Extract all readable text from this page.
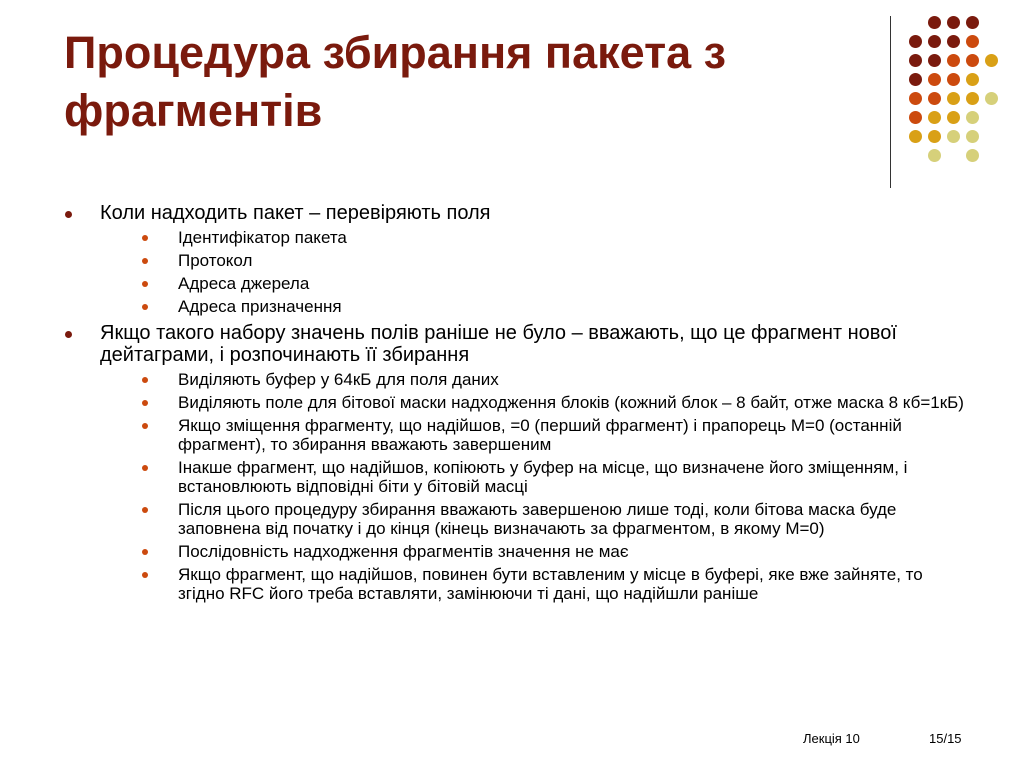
Процедура збирання пакета з фрагментів
Коли надходить пакет – перевіряють поля
Ідентифікатор пакета
Протокол
Адреса джерела
Адреса призначення
Якщо такого набору значень полів раніше не було – вважають, що це фрагмент нової дейтаграми, і розпочинають її збирання
Виділяють буфер у 64кБ для поля даних
Виділяють поле для бітової маски надходження блоків (кожний блок – 8 байт, отже маска 8 кб=1кБ)
Якщо зміщення фрагменту, що надійшов, =0 (перший фрагмент) і прапорець M=0 (останній фрагмент), то збирання вважають завершеним
Інакше фрагмент, що надійшов, копіюють у буфер на місце, що визначене його зміщенням, і встановлюють відповідні біти у бітовій масці
Після цього процедуру збирання вважають завершеною лише тоді, коли бітова маска буде заповнена від початку і до кінця (кінець визначають за фрагментом, в якому M=0)
Послідовність надходження фрагментів значення не має
Якщо фрагмент, що надійшов, повинен бути вставленим у місце в буфері, яке вже зайняте, то згідно RFC його треба вставляти, замінюючи ті дані, що надійшли раніше
Лекція 10	15/15
